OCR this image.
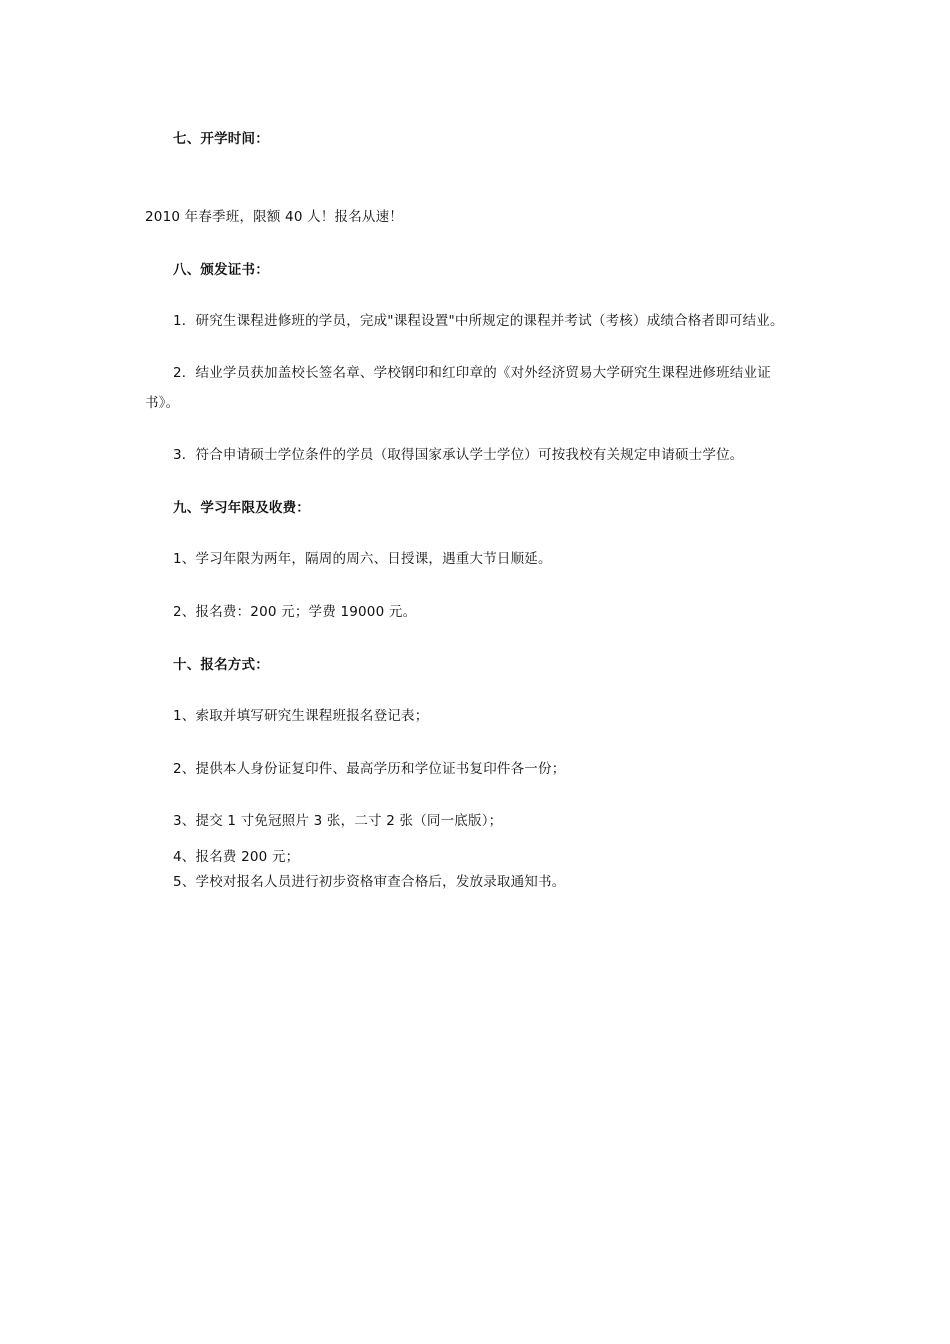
七、开学时间：
2010 年春季班，限额 40 人！报名从速！
八、颁发证书：
1．研究生课程进修班的学员，完成"课程设置"中所规定的课程并考试（考核）成绩合格者即可结业。
2．结业学员获加盖校长签名章、学校钢印和红印章的《对外经济贸易大学研究生课程进修班结业证
书》。
3．符合申请硕士学位条件的学员（取得国家承认学士学位）可按我校有关规定申请硕士学位。
九、学习年限及收费：
1、学习年限为两年，隔周的周六、日授课，遇重大节日顺延。
2、报名费：200 元；学费 19000 元。
十、报名方式：
1、索取并填写研究生课程班报名登记表；
2、提供本人身份证复印件、最高学历和学位证书复印件各一份；
3、提交 1 寸免冠照片 3 张，二寸 2 张（同一底版）；
4、报名费 200 元；
5、学校对报名人员进行初步资格审查合格后，发放录取通知书。
